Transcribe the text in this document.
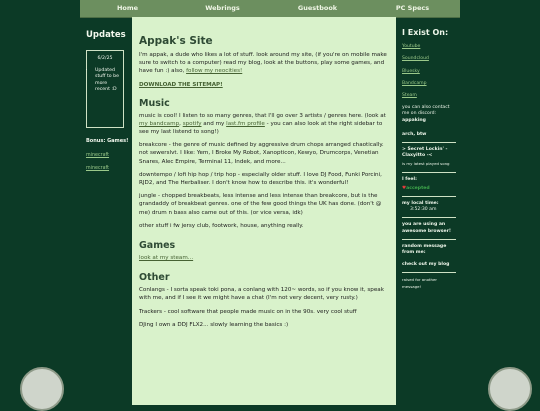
Home	Webrings	Guestbook	PC Specs
Updates
6/2/25
• Updated stuff to be more recent :D
Bonus: Games!
minecraft
minecraft
Appak's Site

I'm appak, a dude who likes a lot of stuff. look around my site, (if you're on mobile make sure to switch to a computer) read my blog, look at the buttons, play some games, and have fun :) also, follow my neocities!

DOWNLOAD THE SITEMAP!
Music

music is cool! I listen to so many genres, that I'll go over 3 artists / genres here. (look at my bandcamp, spotify and my last.fm profile - you can also look at the right sidebar to see my last listend to song!)

breakcore - the genre of music defined by aggressive drum chops arranged chaotically. not sewerslvt. I like: Yem, I Broke My Robot, Xanopticon, Kewyo, Drumcorps, Venetian Snares, Alec Empire, Terminal 11, Indek, and more...

downtempo / lofi hip hop / trip hop - especially older stuff. I love DJ Food, Funki Porcini, RJD2, and The Herbaliser. I don't know how to describe this. it's wonderful!

jungle - chopped breakbeats, less intense and less intense than breakcore, but is the grandaddy of breakbeat genres. one of the few good things the UK has done. (don't @ me) drum n bass also came out of this. (or vice versa, idk)

other stuff i fw jersy club, footwork, house, anything really.

Games

look at my steam...

Other

Conlangs - I sorta speak toki pona, a conlang with 120~ words, so if you know it, speak with me, and if I see it we might have a chat (I'm not very decent, very rusty.)

Trackers - cool software that people made music on in the 90s. very cool stuff

DJing I own a DDJ FLX2... slowly learning the basics :)

I Exist On:
Youtube
Soundcloud
Bluesky
Bandcamp
Steam
you can also contact me on discord: appaking
arch, btw
> Secret Lockin' - Claxyitto -<
is my latest played song
I feel:
♥accepted
my local time:
3:52:30 am
you are using an awesome browser!
random message from me:
check out my blog
raised for another message!
